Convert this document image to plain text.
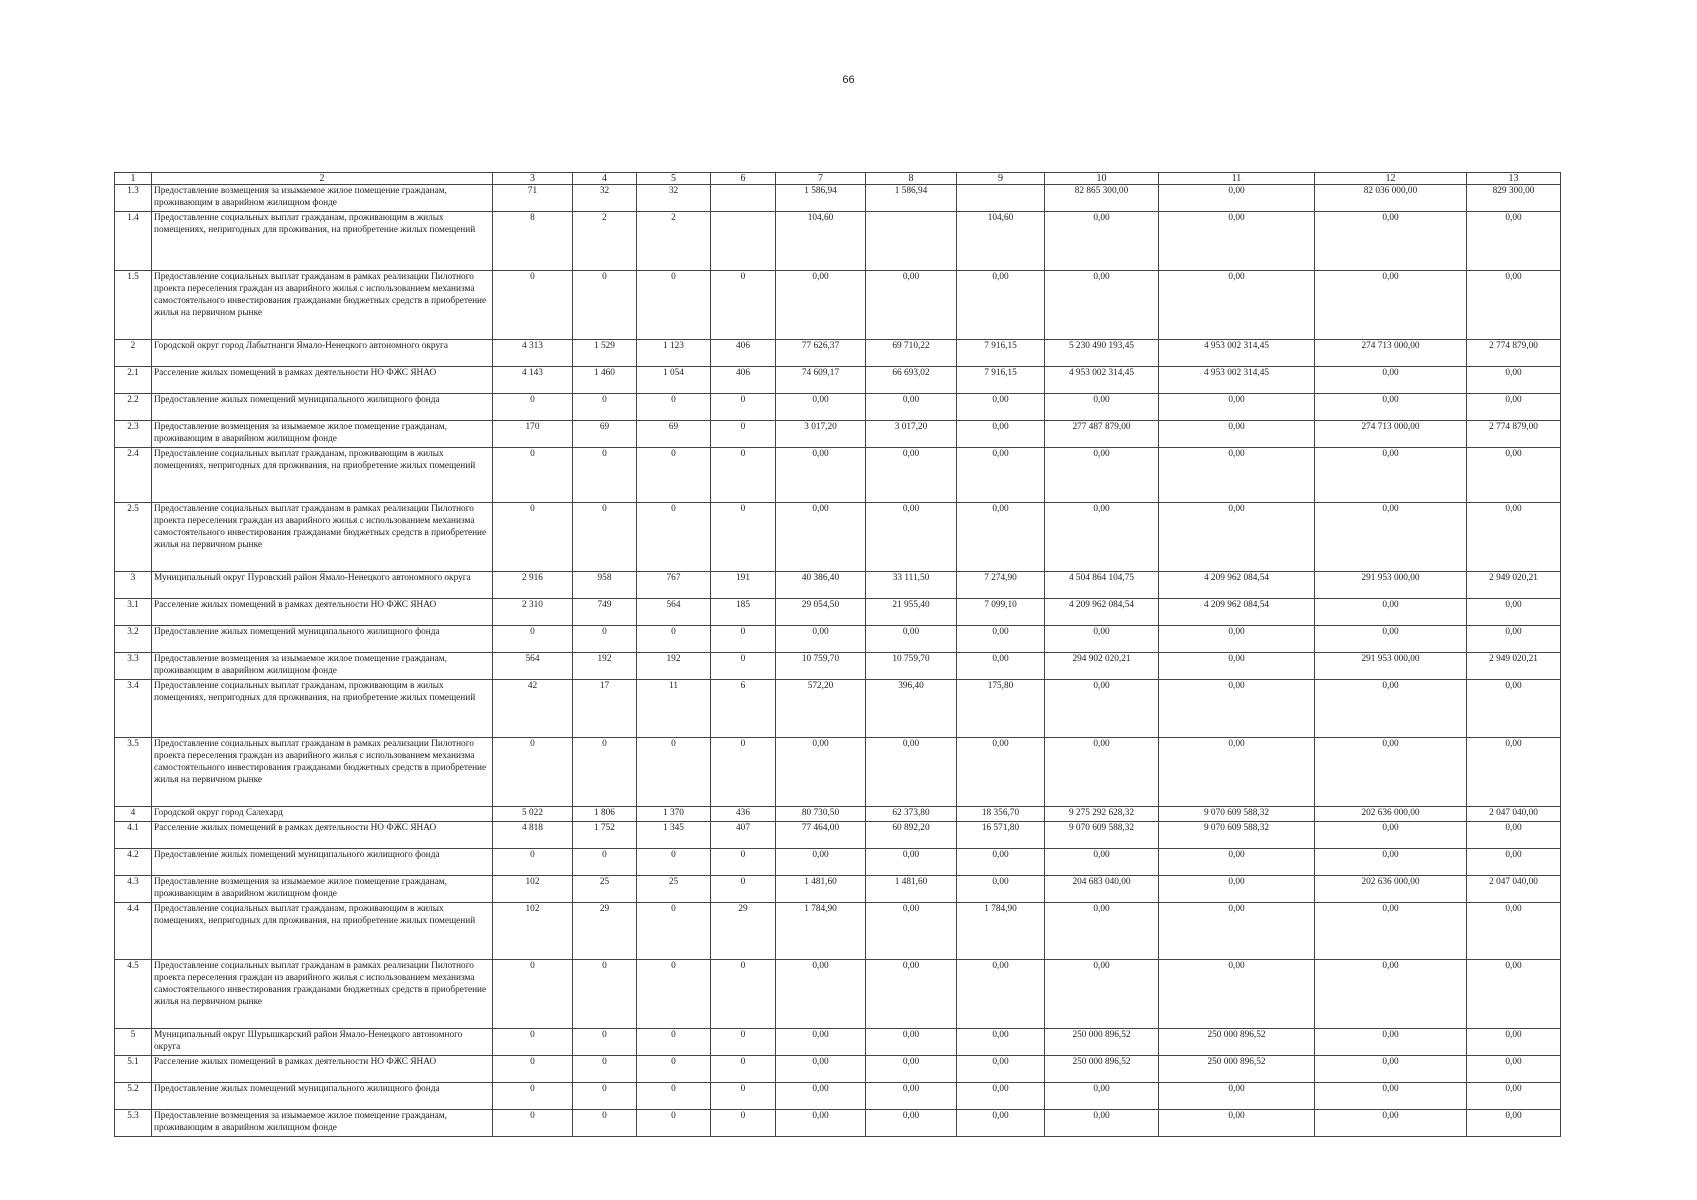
66
1	2	3	4	5	6	7	8	9	10	11	12	13
1.3	Предоставление возмещения за изымаемое жилое помещение гражданам, проживающим в аварийном жилищном фонде	71	32	32		1 586,94	1 586,94		82 865 300,00	0,00	82 036 000,00	829 300,00
1.4	Предоставление социальных выплат гражданам, проживающим в жилых помещениях, непригодных для проживания, на приобретение жилых помещений	8	2	2		104,60		104,60	0,00	0,00	0,00	0,00
1.5	Предоставление социальных выплат гражданам в рамках реализации Пилотного проекта переселения граждан из аварийного жилья с использованием механизма самостоятельного инвестирования гражданами бюджетных средств в приобретение жилья на первичном рынке	0	0	0	0	0,00	0,00	0,00	0,00	0,00	0,00	0,00
2	Городской округ город Лабытнанги Ямало-Ненецкого автономного округа	4 313	1 529	1 123	406	77 626,37	69 710,22	7 916,15	5 230 490 193,45	4 953 002 314,45	274 713 000,00	2 774 879,00
2.1	Расселение жилых помещений в рамках деятельности НО ФЖС ЯНАО	4 143	1 460	1 054	406	74 609,17	66 693,02	7 916,15	4 953 002 314,45	4 953 002 314,45	0,00	0,00
2.2	Предоставление жилых помещений муниципального жилищного фонда	0	0	0	0	0,00	0,00	0,00	0,00	0,00	0,00	0,00
2.3	Предоставление возмещения за изымаемое жилое помещение гражданам, проживающим в аварийном жилищном фонде	170	69	69	0	3 017,20	3 017,20	0,00	277 487 879,00	0,00	274 713 000,00	2 774 879,00
2.4	Предоставление социальных выплат гражданам, проживающим в жилых помещениях, непригодных для проживания, на приобретение жилых помещений	0	0	0	0	0,00	0,00	0,00	0,00	0,00	0,00	0,00
2.5	Предоставление социальных выплат гражданам в рамках реализации Пилотного проекта переселения граждан из аварийного жилья с использованием механизма самостоятельного инвестирования гражданами бюджетных средств в приобретение жилья на первичном рынке	0	0	0	0	0,00	0,00	0,00	0,00	0,00	0,00	0,00
3	Муниципальный округ Пуровский район Ямало-Ненецкого автономного округа	2 916	958	767	191	40 386,40	33 111,50	7 274,90	4 504 864 104,75	4 209 962 084,54	291 953 000,00	2 949 020,21
3.1	Расселение жилых помещений в рамках деятельности НО ФЖС ЯНАО	2 310	749	564	185	29 054,50	21 955,40	7 099,10	4 209 962 084,54	4 209 962 084,54	0,00	0,00
3.2	Предоставление жилых помещений муниципального жилищного фонда	0	0	0	0	0,00	0,00	0,00	0,00	0,00	0,00	0,00
3.3	Предоставление возмещения за изымаемое жилое помещение гражданам, проживающим в аварийном жилищном фонде	564	192	192	0	10 759,70	10 759,70	0,00	294 902 020,21	0,00	291 953 000,00	2 949 020,21
3.4	Предоставление социальных выплат гражданам, проживающим в жилых помещениях, непригодных для проживания, на приобретение жилых помещений	42	17	11	6	572,20	396,40	175,80	0,00	0,00	0,00	0,00
3.5	Предоставление социальных выплат гражданам в рамках реализации Пилотного проекта переселения граждан из аварийного жилья с использованием механизма самостоятельного инвестирования гражданами бюджетных средств в приобретение жилья на первичном рынке	0	0	0	0	0,00	0,00	0,00	0,00	0,00	0,00	0,00
4	Городской округ город Салехард	5 022	1 806	1 370	436	80 730,50	62 373,80	18 356,70	9 275 292 628,32	9 070 609 588,32	202 636 000,00	2 047 040,00
4.1	Расселение жилых помещений в рамках деятельности НО ФЖС ЯНАО	4 818	1 752	1 345	407	77 464,00	60 892,20	16 571,80	9 070 609 588,32	9 070 609 588,32	0,00	0,00
4.2	Предоставление жилых помещений муниципального жилищного фонда	0	0	0	0	0,00	0,00	0,00	0,00	0,00	0,00	0,00
4.3	Предоставление возмещения за изымаемое жилое помещение гражданам, проживающим в аварийном жилищном фонде	102	25	25	0	1 481,60	1 481,60	0,00	204 683 040,00	0,00	202 636 000,00	2 047 040,00
4.4	Предоставление социальных выплат гражданам, проживающим в жилых помещениях, непригодных для проживания, на приобретение жилых помещений	102	29	0	29	1 784,90	0,00	1 784,90	0,00	0,00	0,00	0,00
4.5	Предоставление социальных выплат гражданам в рамках реализации Пилотного проекта переселения граждан из аварийного жилья с использованием механизма самостоятельного инвестирования гражданами бюджетных средств в приобретение жилья на первичном рынке	0	0	0	0	0,00	0,00	0,00	0,00	0,00	0,00	0,00
5	Муниципальный округ Шурышкарский район Ямало-Ненецкого автономного округа	0	0	0	0	0,00	0,00	0,00	250 000 896,52	250 000 896,52	0,00	0,00
5.1	Расселение жилых помещений в рамках деятельности НО ФЖС ЯНАО	0	0	0	0	0,00	0,00	0,00	250 000 896,52	250 000 896,52	0,00	0,00
5.2	Предоставление жилых помещений муниципального жилищного фонда	0	0	0	0	0,00	0,00	0,00	0,00	0,00	0,00	0,00
5.3	Предоставление возмещения за изымаемое жилое помещение гражданам, проживающим в аварийном жилищном фонде	0	0	0	0	0,00	0,00	0,00	0,00	0,00	0,00	0,00
